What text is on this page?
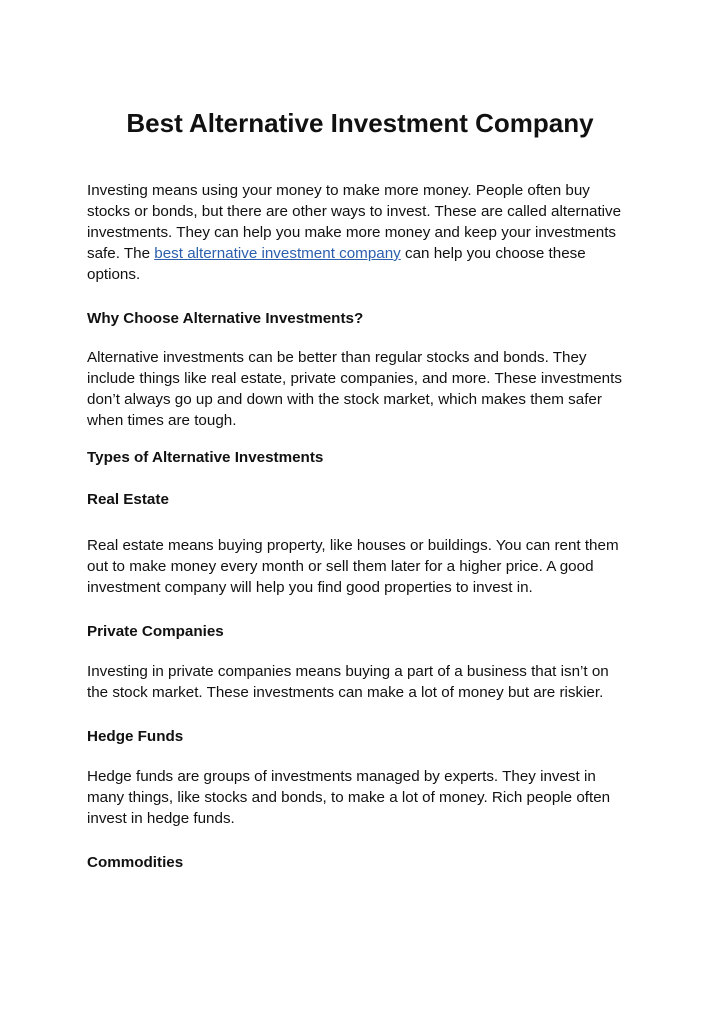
Best Alternative Investment Company

Investing means using your money to make more money. People often buy stocks or bonds, but there are other ways to invest. These are called alternative investments. They can help you make more money and keep your investments safe. The best alternative investment company can help you choose these options.

Why Choose Alternative Investments?

Alternative investments can be better than regular stocks and bonds. They include things like real estate, private companies, and more. These investments don’t always go up and down with the stock market, which makes them safer when times are tough.

Types of Alternative Investments

Real Estate

Real estate means buying property, like houses or buildings. You can rent them out to make money every month or sell them later for a higher price. A good investment company will help you find good properties to invest in.

Private Companies

Investing in private companies means buying a part of a business that isn’t on the stock market. These investments can make a lot of money but are riskier.

Hedge Funds

Hedge funds are groups of investments managed by experts. They invest in many things, like stocks and bonds, to make a lot of money. Rich people often invest in hedge funds.

Commodities
